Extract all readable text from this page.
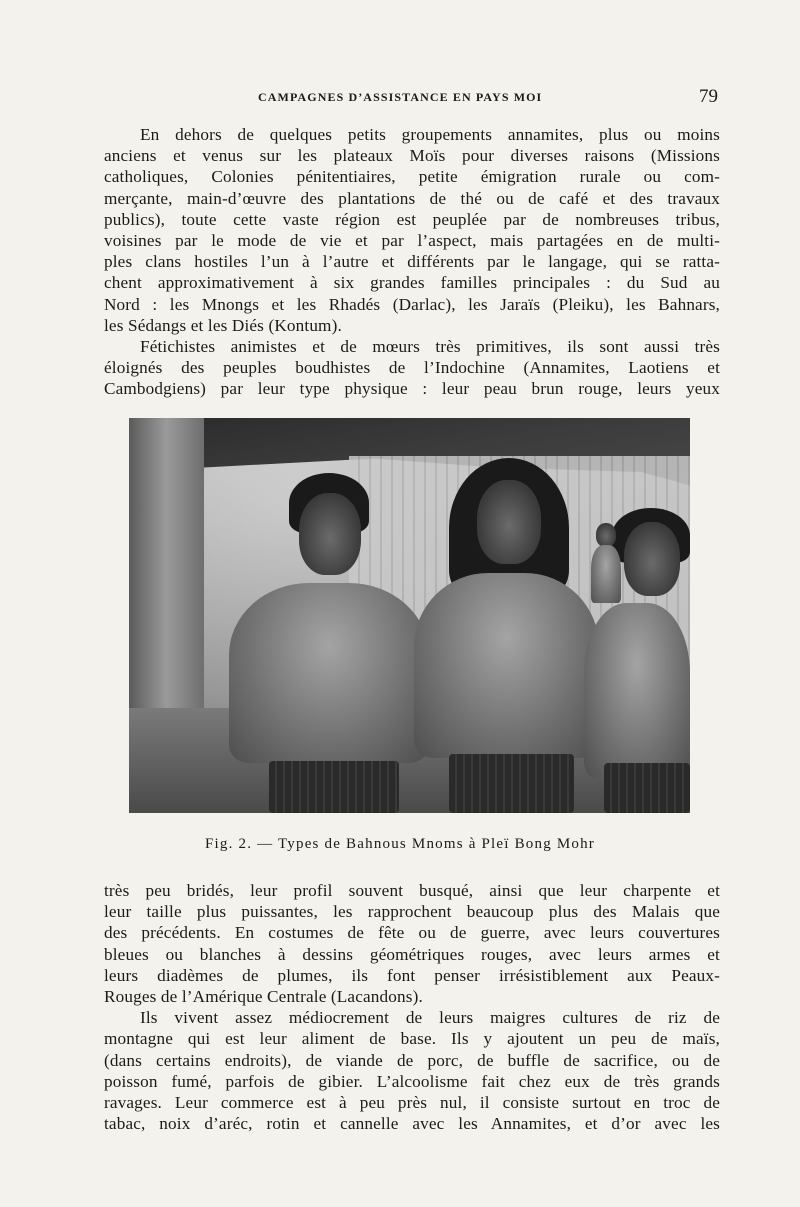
CAMPAGNES D’ASSISTANCE EN PAYS MOI	79
En dehors de quelques petits groupements annamites, plus ou moins
anciens et venus sur les plateaux Moïs pour diverses raisons (Missions
catholiques, Colonies pénitentiaires, petite émigration rurale ou com-
merçante, main-d’œuvre des plantations de thé ou de café et des travaux
publics), toute cette vaste région est peuplée par de nombreuses tribus,
voisines par le mode de vie et par l’aspect, mais partagées en de multi-
ples clans hostiles l’un à l’autre et différents par le langage, qui se ratta-
chent approximativement à six grandes familles principales : du Sud au
Nord : les Mnongs et les Rhadés (Darlac), les Jaraïs (Pleiku), les Bahnars,
les Sédangs et les Diés (Kontum).
Fétichistes animistes et de mœurs très primitives, ils sont aussi très
éloignés des peuples boudhistes de l’Indochine (Annamites, Laotiens et
Cambodgiens) par leur type physique : leur peau brun rouge, leurs yeux
Fig. 2. — Types de Bahnous Mnoms à Pleï Bong Mohr
très peu bridés, leur profil souvent busqué, ainsi que leur charpente et
leur taille plus puissantes, les rapprochent beaucoup plus des Malais que
des précédents. En costumes de fête ou de guerre, avec leurs couvertures
bleues ou blanches à dessins géométriques rouges, avec leurs armes et
leurs diadèmes de plumes, ils font penser irrésistiblement aux Peaux-
Rouges de l’Amérique Centrale (Lacandons).
Ils vivent assez médiocrement de leurs maigres cultures de riz de
montagne qui est leur aliment de base. Ils y ajoutent un peu de maïs,
(dans certains endroits), de viande de porc, de buffle de sacrifice, ou de
poisson fumé, parfois de gibier. L’alcoolisme fait chez eux de très grands
ravages. Leur commerce est à peu près nul, il consiste surtout en troc de
tabac, noix d’aréc, rotin et cannelle avec les Annamites, et d’or avec les
